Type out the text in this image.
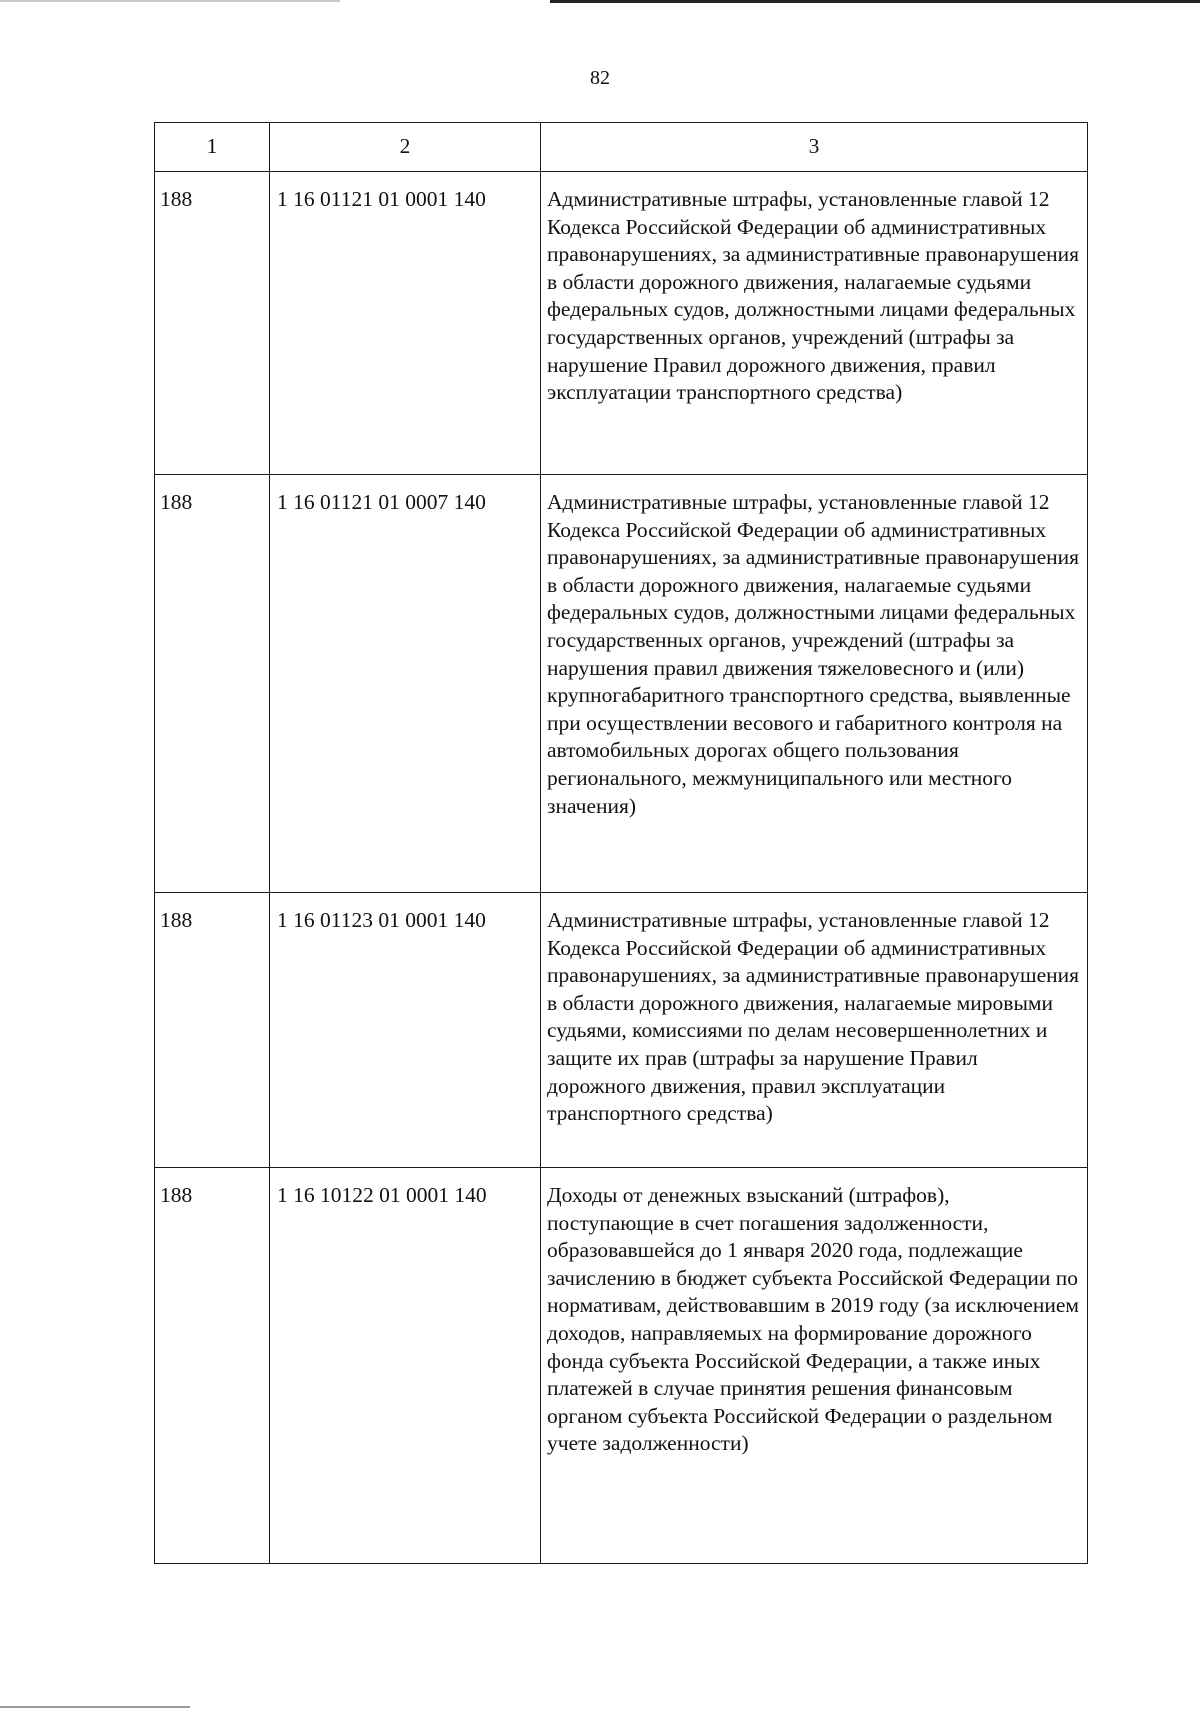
82
1	2	3
188	1 16 01121 01 0001 140	Административные штрафы, установленные главой 12 Кодекса Российской Федерации об административных правонарушениях, за административные правонарушения в области дорожного движения, налагаемые судьями федеральных судов, должностными лицами федеральных государственных органов, учреждений (штрафы за нарушение Правил дорожного движения, правил эксплуатации транспортного средства)
188	1 16 01121 01 0007 140	Административные штрафы, установленные главой 12 Кодекса Российской Федерации об административных правонарушениях, за административные правонарушения в области дорожного движения, налагаемые судьями федеральных судов, должностными лицами федеральных государственных органов, учреждений (штрафы за нарушения правил движения тяжеловесного и (или) крупногабаритного транспортного средства, выявленные при осуществлении весового и габаритного контроля на автомобильных дорогах общего пользования регионального, межмуниципального или местного значения)
188	1 16 01123 01 0001 140	Административные штрафы, установленные главой 12 Кодекса Российской Федерации об административных правонарушениях, за административные правонарушения в области дорожного движения, налагаемые мировыми судьями, комиссиями по делам несовершеннолетних и защите их прав (штрафы за нарушение Правил дорожного движения, правил эксплуатации транспортного средства)
188	1 16 10122 01 0001 140	Доходы от денежных взысканий (штрафов), поступающие в счет погашения задолженности, образовавшейся до 1 января 2020 года, подлежащие зачислению в бюджет субъекта Российской Федерации по нормативам, действовавшим в 2019 году (за исключением доходов, направляемых на формирование дорожного фонда субъекта Российской Федерации, а также иных платежей в случае принятия решения финансовым органом субъекта Российской Федерации о раздельном учете задолженности)
